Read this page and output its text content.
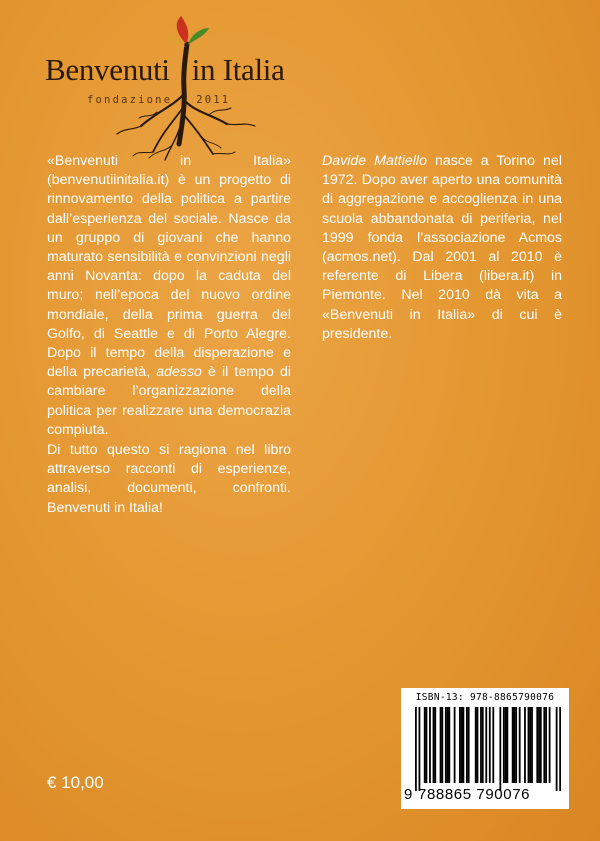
Benvenuti in Italia
fondazione 2011

«Benvenuti in Italia» (benvenutiinitalia.it) è un progetto di rinnovamento della politica a partire dall’esperienza del sociale. Nasce da un gruppo di giovani che hanno maturato sensibilità e convinzioni negli anni Novanta: dopo la caduta del muro; nell’epoca del nuovo ordine mondiale, della prima guerra del Golfo, di Seattle e di Porto Alegre. Dopo il tempo della disperazione e della precarietà, adesso è il tempo di cambiare l’organizzazione della politica per realizzare una democrazia compiuta.

Di tutto questo si ragiona nel libro attraverso racconti di esperienze, analisi, documenti, confronti. Benvenuti in Italia!

Davide Mattiello nasce a Torino nel 1972. Dopo aver aperto una comunità di aggregazione e accoglienza in una scuola abbandonata di periferia, nel 1999 fonda l’associazione Acmos (acmos.net). Dal 2001 al 2010 è referente di Libera (libera.it) in Piemonte. Nel 2010 dà vita a «Benvenuti in Italia» di cui è presidente.

€ 10,00
ISBN-13: 978-8865790076
9 788865 790076
